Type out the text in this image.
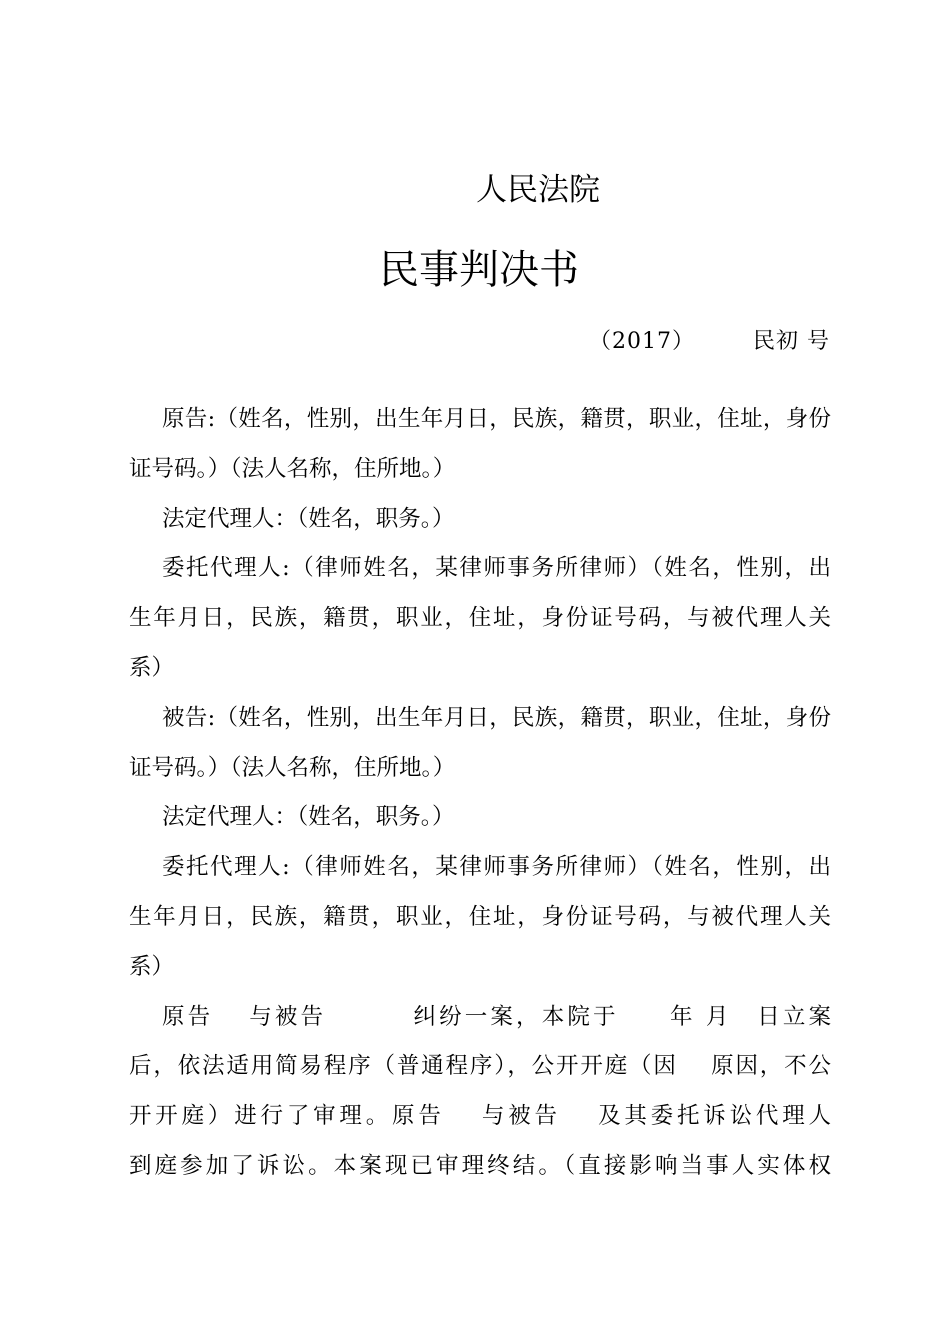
人民法院
民事判决书
（2017）　　　民初 号
原告:（姓名，性别，出生年月日，民族，籍贯，职业，住址，身份
证号码。）（法人名称，住所地。）
法定代理人：（姓名，职务。）
委托代理人:（律师姓名，某律师事务所律师）（姓名，性别，出
生年月日，民族，籍贯，职业，住址，身份证号码，与被代理人关
系）
被告:（姓名，性别，出生年月日，民族，籍贯，职业，住址，身份
证号码。）（法人名称，住所地。）
法定代理人：（姓名，职务。）
委托代理人:（律师姓名，某律师事务所律师）（姓名，性别，出
生年月日，民族，籍贯，职业，住址，身份证号码，与被代理人关
系）
原告　 与被告　　　 纠纷一案，本院于　　年 月　日立案
后，依法适用简易程序（普通程序），公开开庭（因　 原因，不公
开开庭）进行了审理。原告　 与被告　 及其委托诉讼代理人
到庭参加了诉讼。本案现已审理终结。（直接影响当事人实体权
